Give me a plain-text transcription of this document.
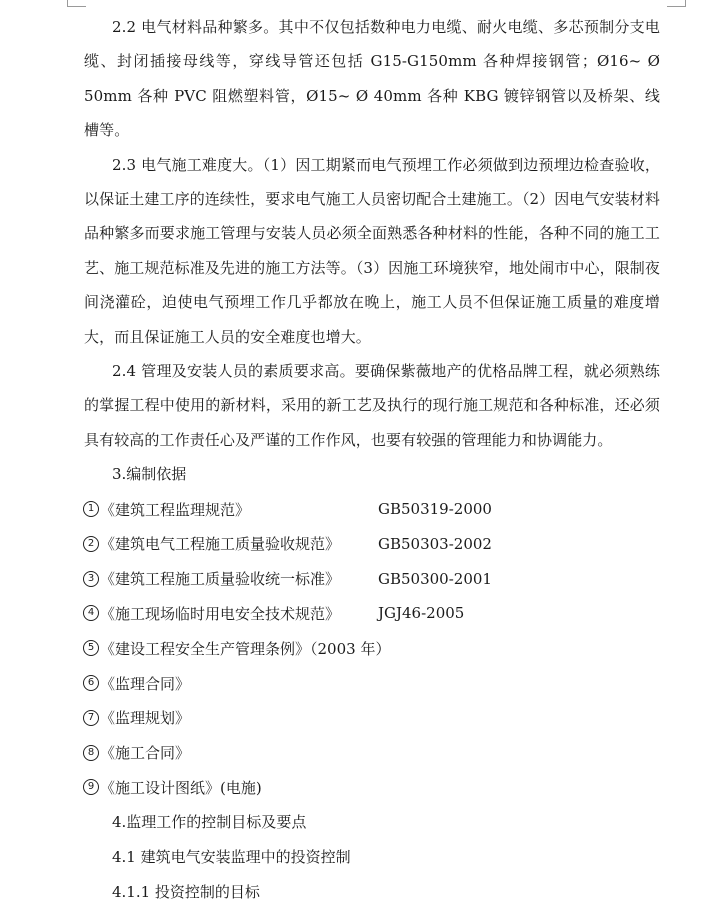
2.2 电气材料品种繁多。其中不仅包括数种电力电缆、耐火电缆、多芯预制分支电缆、封闭插接母线等，穿线导管还包括 G15-G150mm 各种焊接钢管；Ø16~ Ø 50mm 各种 PVC 阻燃塑料管，Ø15~ Ø 40mm 各种 KBG 镀锌钢管以及桥架、线槽等。

2.3 电气施工难度大。（1）因工期紧而电气预埋工作必须做到边预埋边检查验收，以保证土建工序的连续性，要求电气施工人员密切配合土建施工。（2）因电气安装材料品种繁多而要求施工管理与安装人员必须全面熟悉各种材料的性能，各种不同的施工工艺、施工规范标准及先进的施工方法等。（3）因施工环境狭窄，地处闹市中心，限制夜间浇灌砼，迫使电气预埋工作几乎都放在晚上，施工人员不但保证施工质量的难度增大，而且保证施工人员的安全难度也增大。

2.4 管理及安装人员的素质要求高。要确保紫薇地产的优格品牌工程，就必须熟练的掌握工程中使用的新材料，采用的新工艺及执行的现行施工规范和各种标准，还必须具有较高的工作责任心及严谨的工作作风，也要有较强的管理能力和协调能力。

3.编制依据
1 《建筑工程监理规范》	GB50319-2000
2 《建筑电气工程施工质量验收规范》	GB50303-2002
3 《建筑工程施工质量验收统一标准》	GB50300-2001
4 《施工现场临时用电安全技术规范》	JGJ46-2005
5 《建设工程安全生产管理条例》（2003 年）
6 《监理合同》
7 《监理规划》
8 《施工合同》
9 《施工设计图纸》(电施)
4.监理工作的控制目标及要点
4.1 建筑电气安装监理中的投资控制
4.1.1 投资控制的目标
